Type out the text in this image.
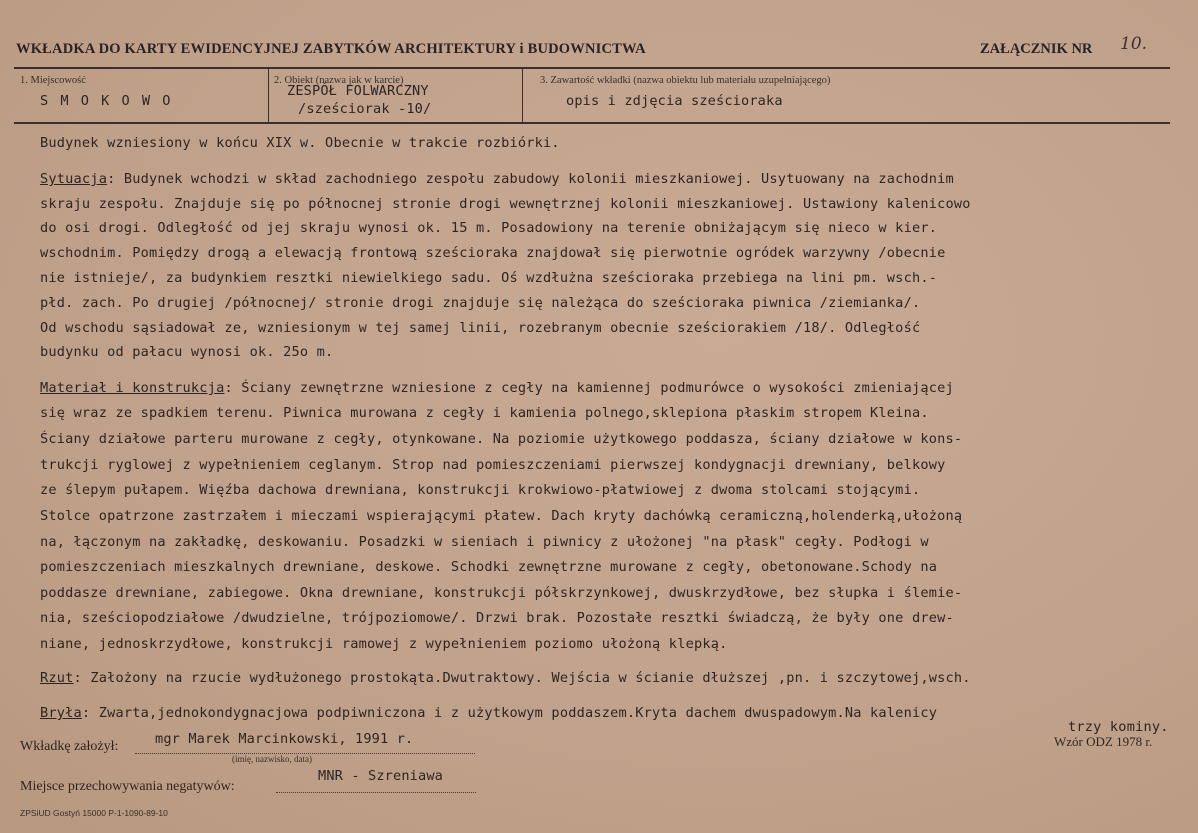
WKŁADKA DO KARTY EWIDENCYJNEJ ZABYTKÓW ARCHITEKTURY i BUDOWNICTWA	ZAŁĄCZNIK NR 10.
1. Miejscowość
S M O K O W O
2. Obiekt (nazwa jak w karcie)
ZESPÓŁ FOLWARCZNY
/sześciorak -10/
3. Zawartość wkładki (nazwa obiektu lub materiału uzupełniającego)
opis i zdjęcia sześcioraka
Budynek wzniesiony w końcu XIX w. Obecnie w trakcie rozbiórki.
Sytuacja: Budynek wchodzi w skład zachodniego zespołu zabudowy kolonii mieszkaniowej. Usytuowany na zachodnim
skraju zespołu. Znajduje się po północnej stronie drogi wewnętrznej kolonii mieszkaniowej. Ustawiony kalenicowo
do osi drogi. Odległość od jej skraju wynosi ok. 15 m. Posadowiony na terenie obniżającym się nieco w kier.
wschodnim. Pomiędzy drogą a elewacją frontową sześcioraka znajdował się pierwotnie ogródek warzywny /obecnie
nie istnieje/, za budynkiem resztki niewielkiego sadu. Oś wzdłużna sześcioraka przebiega na lini pm. wsch.-
płd. zach. Po drugiej /północnej/ stronie drogi znajduje się należąca do sześcioraka piwnica /ziemianka/.
Od wschodu sąsiadował ze, wzniesionym w tej samej linii, rozebranym obecnie sześciorakiem /18/. Odległość
budynku od pałacu wynosi ok. 25o m.
Materiał i konstrukcja: Ściany zewnętrzne wzniesione z cegły na kamiennej podmurówce o wysokości zmieniającej
się wraz ze spadkiem terenu. Piwnica murowana z cegły i kamienia polnego,sklepiona płaskim stropem Kleina.
Ściany działowe parteru murowane z cegły, otynkowane. Na poziomie użytkowego poddasza, ściany działowe w kons-
trukcji ryglowej z wypełnieniem ceglanym. Strop nad pomieszczeniami pierwszej kondygnacji drewniany, belkowy
ze ślepym pułapem. Więźba dachowa drewniana, konstrukcji krokwiowo-płatwiowej z dwoma stolcami stojącymi.
Stolce opatrzone zastrzałem i mieczami wspierającymi płatew. Dach kryty dachówką ceramiczną,holenderką,ułożoną
na, łączonym na zakładkę, deskowaniu. Posadzki w sieniach i piwnicy z ułożonej "na płask" cegły. Podłogi w
pomieszczeniach mieszkalnych drewniane, deskowe. Schodki zewnętrzne murowane z cegły, obetonowane.Schody na
poddasze drewniane, zabiegowe. Okna drewniane, konstrukcji półskrzynkowej, dwuskrzydłowe, bez słupka i ślemie-
nia, sześciopodziałowe /dwudzielne, trójpoziomowe/. Drzwi brak. Pozostałe resztki świadczą, że były one drew-
niane, jednoskrzydłowe, konstrukcji ramowej z wypełnieniem poziomo ułożoną klepką.
Rzut: Założony na rzucie wydłużonego prostokąta.Dwutraktowy. Wejścia w ścianie dłuższej ,pn. i szczytowej,wsch.
Bryła: Zwarta,jednokondygnacjowa podpiwniczona i z użytkowym poddaszem.Kryta dachem dwuspadowym.Na kalenicy
trzy kominy.
Wkładkę założył:	mgr Marek Marcinkowski, 1991 r.
(imię, nazwisko, data)
Wzór ODZ 1978 r.
Miejsce przechowywania negatywów:
MNR - Szreniawa
ZPSiUD Gostyń 15000 P-1-1090-89-10
